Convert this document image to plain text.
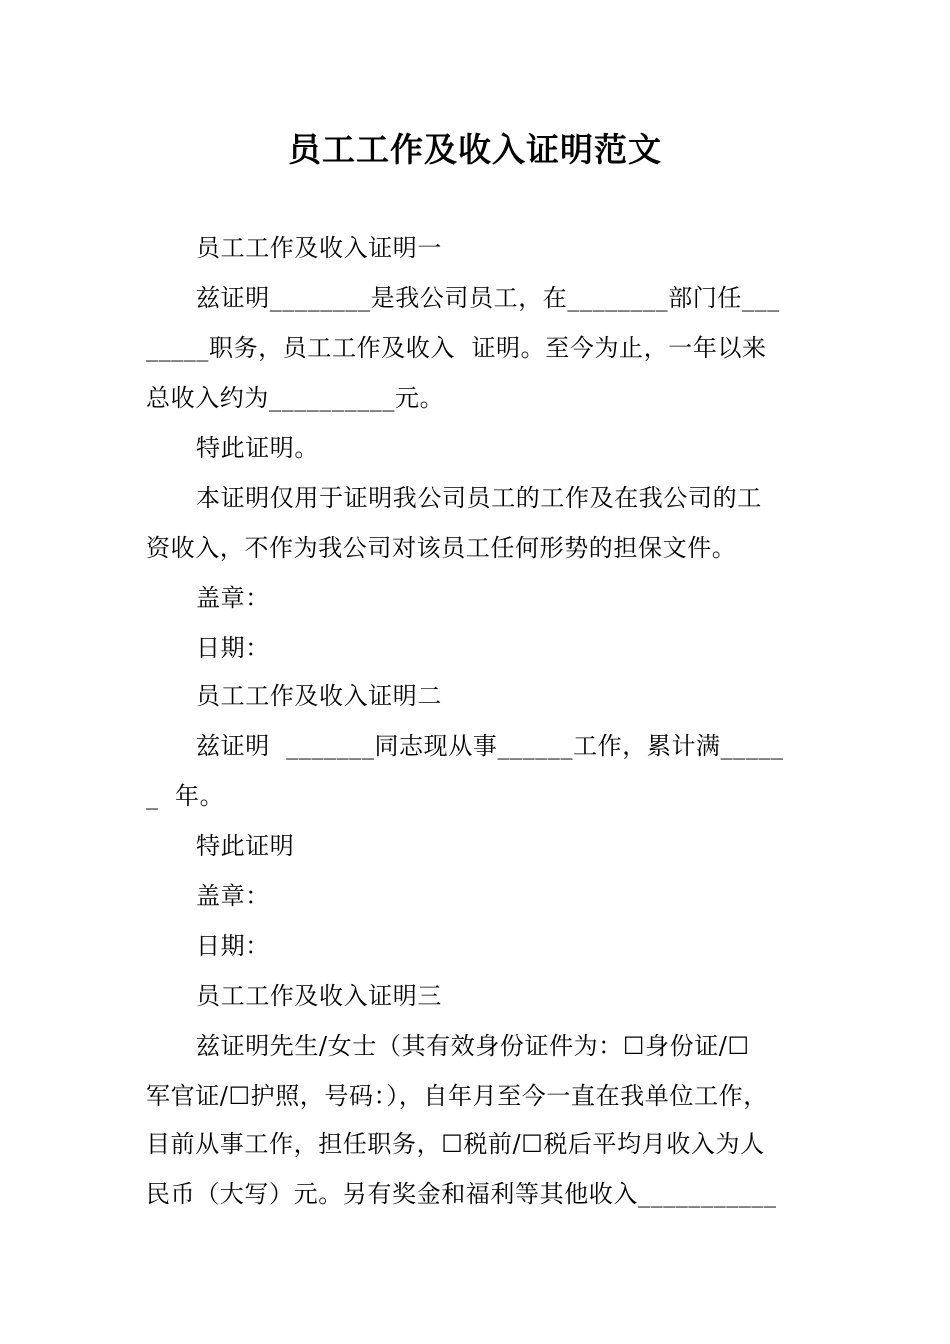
员工工作及收入证明范文
员工工作及收入证明一
兹证明________是我公司员工，在________部门任___
_____职务，员工工作及收入  证明。至今为止，一年以来
总收入约为__________元。
特此证明。
本证明仅用于证明我公司员工的工作及在我公司的工
资收入，不作为我公司对该员工任何形势的担保文件。
盖章：
日期：
员工工作及收入证明二
兹证明  _______同志现从事______工作，累计满_____
_  年。
特此证明
盖章：
日期：
员工工作及收入证明三
兹证明先生/女士（其有效身份证件为：☐身份证/☐
军官证/☐护照，号码：），自年月至今一直在我单位工作，
目前从事工作，担任职务，☐税前/☐税后平均月收入为人
民币（大写）元。另有奖金和福利等其他收入___________
